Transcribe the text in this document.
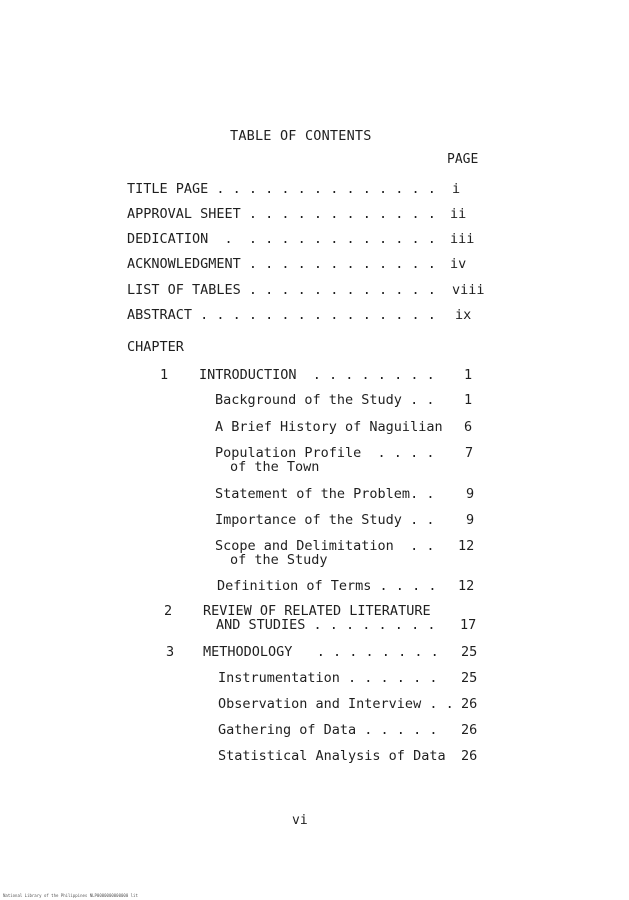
TABLE OF CONTENTS
PAGE
TITLE PAGE . . . . . . . . . . . . . . i
APPROVAL SHEET . . . . . . . . . . . . ii
DEDICATION  .  . . . . . . . . . . . . iii
ACKNOWLEDGMENT . . . . . . . . . . . . iv
LIST OF TABLES . . . . . . . . . . . . viii
ABSTRACT . . . . . . . . . . . . . . . ix
CHAPTER
1 INTRODUCTION  . . . . . . . . 1
Background of the Study . . 1
A Brief History of Naguilian 6
Population Profile  . . . .
of the Town
7
Statement of the Problem. . 9
Importance of the Study . . 9
Scope and Delimitation  . .
of the Study
12
Definition of Terms . . . . 12
2 REVIEW OF RELATED LITERATURE
AND STUDIES . . . . . . . . 17
3 METHODOLOGY   . . . . . . . . 25
Instrumentation . . . . . . 25
Observation and Interview . . 26
Gathering of Data . . . . . 26
Statistical Analysis of Data 26
vi
National Library of the Philippines NLP0000000000000 lit
